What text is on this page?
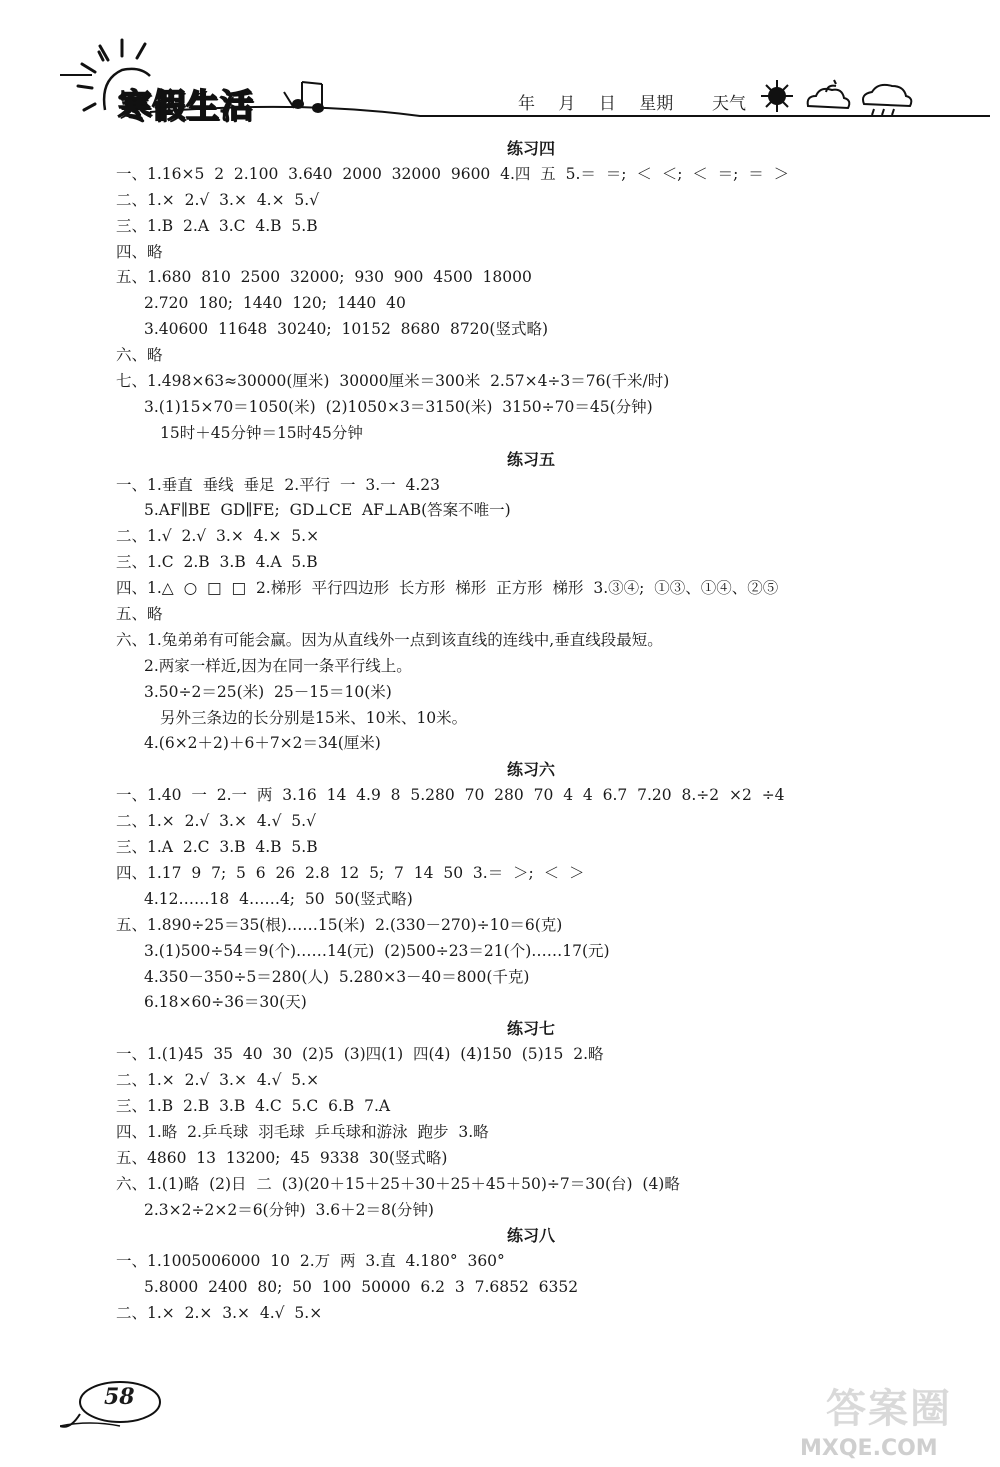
寒假生活	年 月 日 星期	天气
练习四
一、1.16×5  2  2.100  3.640  2000  32000  9600  4.四  五  5.＝  ＝;  ＜  ＜;  ＜  ＝;  ＝  ＞
二、1.×  2.√  3.×  4.×  5.√
三、1.B  2.A  3.C  4.B  5.B
四、略
五、1.680  810  2500  32000;  930  900  4500  18000
2.720  180;  1440  120;  1440  40
3.40600  11648  30240;  10152  8680  8720(竖式略)
六、略
七、1.498×63≈30000(厘米)  30000厘米＝300米  2.57×4÷3＝76(千米/时)
3.(1)15×70＝1050(米)  (2)1050×3＝3150(米)  3150÷70＝45(分钟)
15时＋45分钟＝15时45分钟
练习五
一、1.垂直  垂线  垂足  2.平行  一  3.一  4.23
5.AF∥BE  GD∥FE;  GD⊥CE  AF⊥AB(答案不唯一)
二、1.√  2.√  3.×  4.×  5.×
三、1.C  2.B  3.B  4.A  5.B
四、1.△  ○  □  □  2.梯形  平行四边形  长方形  梯形  正方形  梯形  3.③④;  ①③、①④、②⑤
五、略
六、1.兔弟弟有可能会赢。因为从直线外一点到该直线的连线中,垂直线段最短。
2.两家一样近,因为在同一条平行线上。
3.50÷2＝25(米)  25－15＝10(米)
另外三条边的长分别是15米、10米、10米。
4.(6×2＋2)＋6＋7×2＝34(厘米)
练习六
一、1.40  一  2.一  两  3.16  14  4.9  8  5.280  70  280  70  4  4  6.7  7.20  8.÷2  ×2  ÷4
二、1.×  2.√  3.×  4.√  5.√
三、1.A  2.C  3.B  4.B  5.B
四、1.17  9  7;  5  6  26  2.8  12  5;  7  14  50  3.＝  ＞;  ＜  ＞
4.12……18  4……4;  50  50(竖式略)
五、1.890÷25＝35(根)……15(米)  2.(330－270)÷10＝6(克)
3.(1)500÷54＝9(个)……14(元)  (2)500÷23＝21(个)……17(元)
4.350－350÷5＝280(人)  5.280×3－40＝800(千克)
6.18×60÷36＝30(天)
练习七
一、1.(1)45  35  40  30  (2)5  (3)四(1)  四(4)  (4)150  (5)15  2.略
二、1.×  2.√  3.×  4.√  5.×
三、1.B  2.B  3.B  4.C  5.C  6.B  7.A
四、1.略  2.乒乓球  羽毛球  乒乓球和游泳  跑步  3.略
五、4860  13  13200;  45  9338  30(竖式略)
六、1.(1)略  (2)日  二  (3)(20＋15＋25＋30＋25＋45＋50)÷7＝30(台)  (4)略
2.3×2÷2×2＝6(分钟)  3.6＋2＝8(分钟)
练习八
一、1.1005006000  10  2.万  两  3.直  4.180°  360°
5.8000  2400  80;  50  100  50000  6.2  3  7.6852  6352
二、1.×  2.×  3.×  4.√  5.×
58	答案圈
MXQE.COM
